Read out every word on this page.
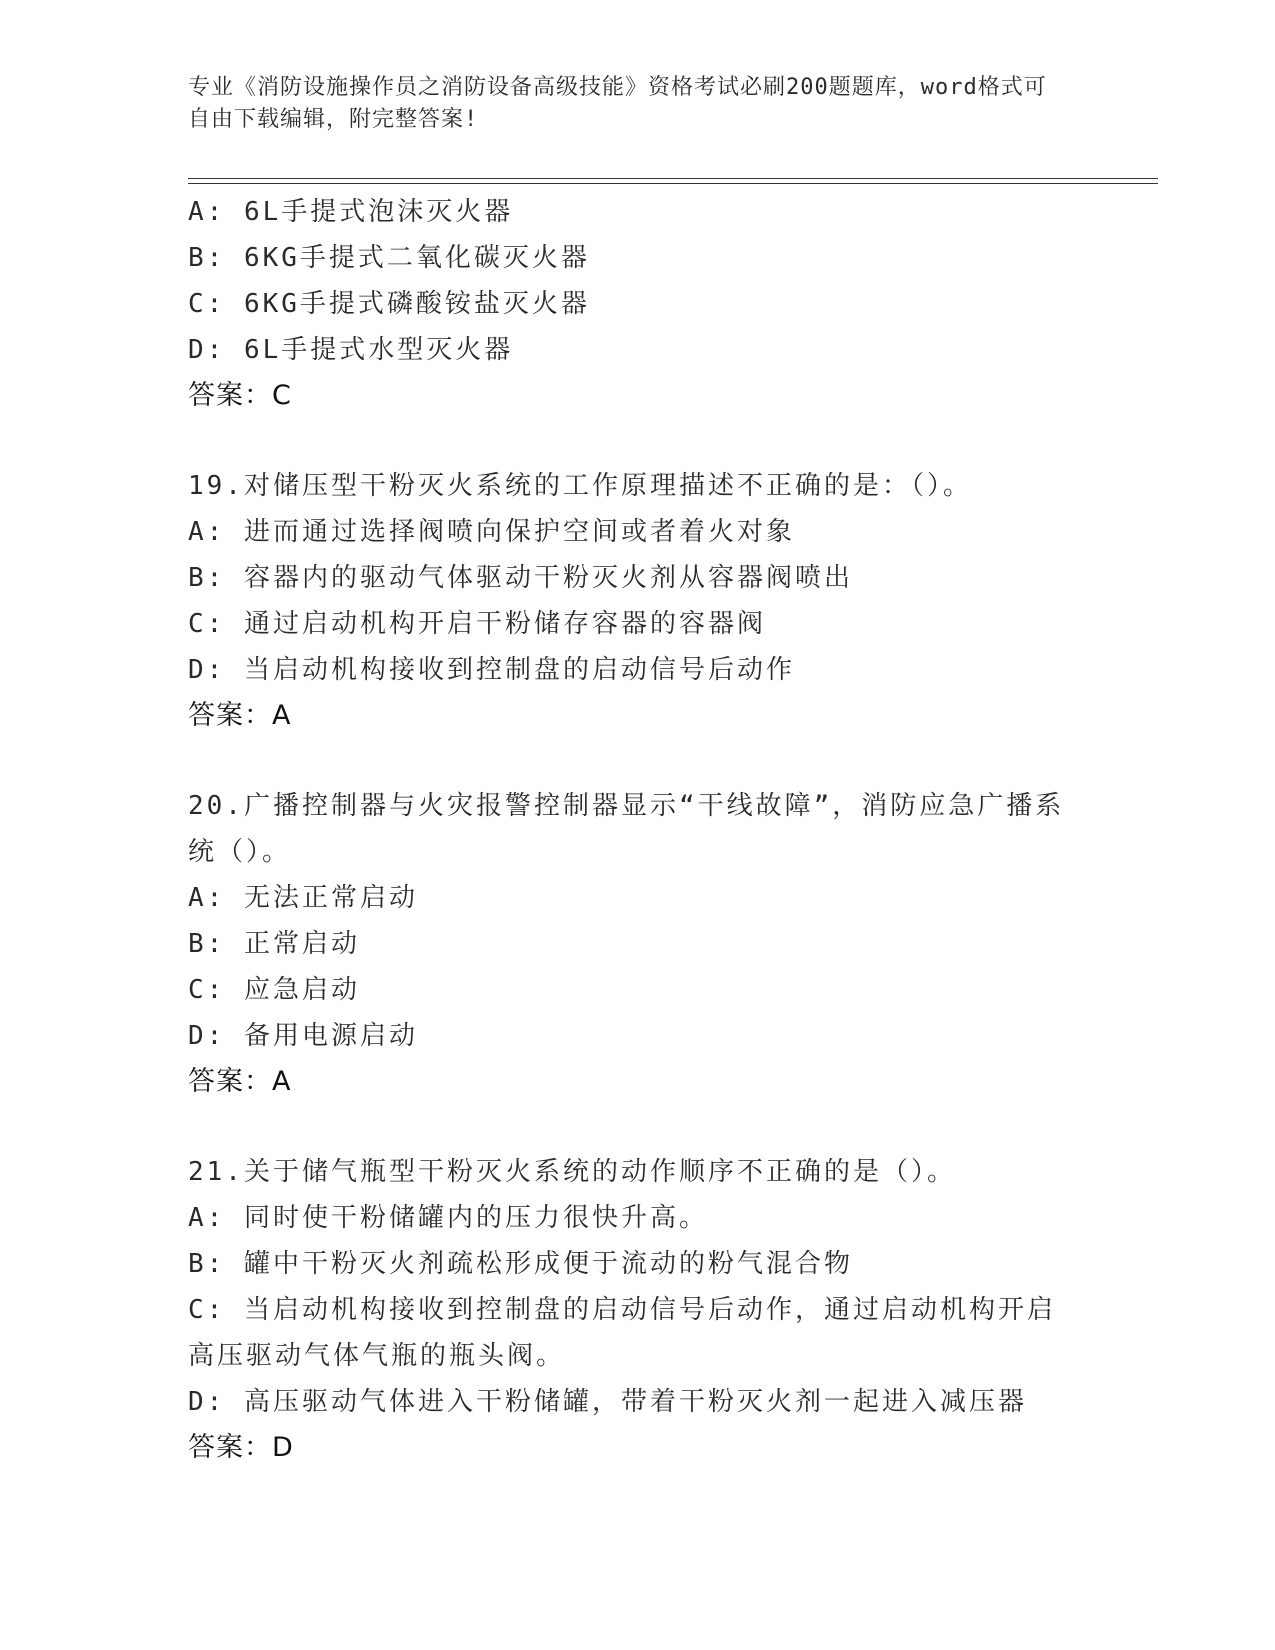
专业《消防设施操作员之消防设备高级技能》资格考试必刷200题题库，word格式可自由下载编辑，附完整答案!
A: 6L手提式泡沫灭火器
B: 6KG手提式二氧化碳灭火器
C: 6KG手提式磷酸铵盐灭火器
D: 6L手提式水型灭火器
答案：C
19.对储压型干粉灭火系统的工作原理描述不正确的是：（）。
A: 进而通过选择阀喷向保护空间或者着火对象
B: 容器内的驱动气体驱动干粉灭火剂从容器阀喷出
C: 通过启动机构开启干粉储存容器的容器阀
D: 当启动机构接收到控制盘的启动信号后动作
答案：A
20.广播控制器与火灾报警控制器显示“干线故障”，消防应急广播系统（）。
A: 无法正常启动
B: 正常启动
C: 应急启动
D: 备用电源启动
答案：A
21.关于储气瓶型干粉灭火系统的动作顺序不正确的是（）。
A: 同时使干粉储罐内的压力很快升高。
B: 罐中干粉灭火剂疏松形成便于流动的粉气混合物
C: 当启动机构接收到控制盘的启动信号后动作，通过启动机构开启高压驱动气体气瓶的瓶头阀。
D: 高压驱动气体进入干粉储罐，带着干粉灭火剂一起进入减压器
答案：D
